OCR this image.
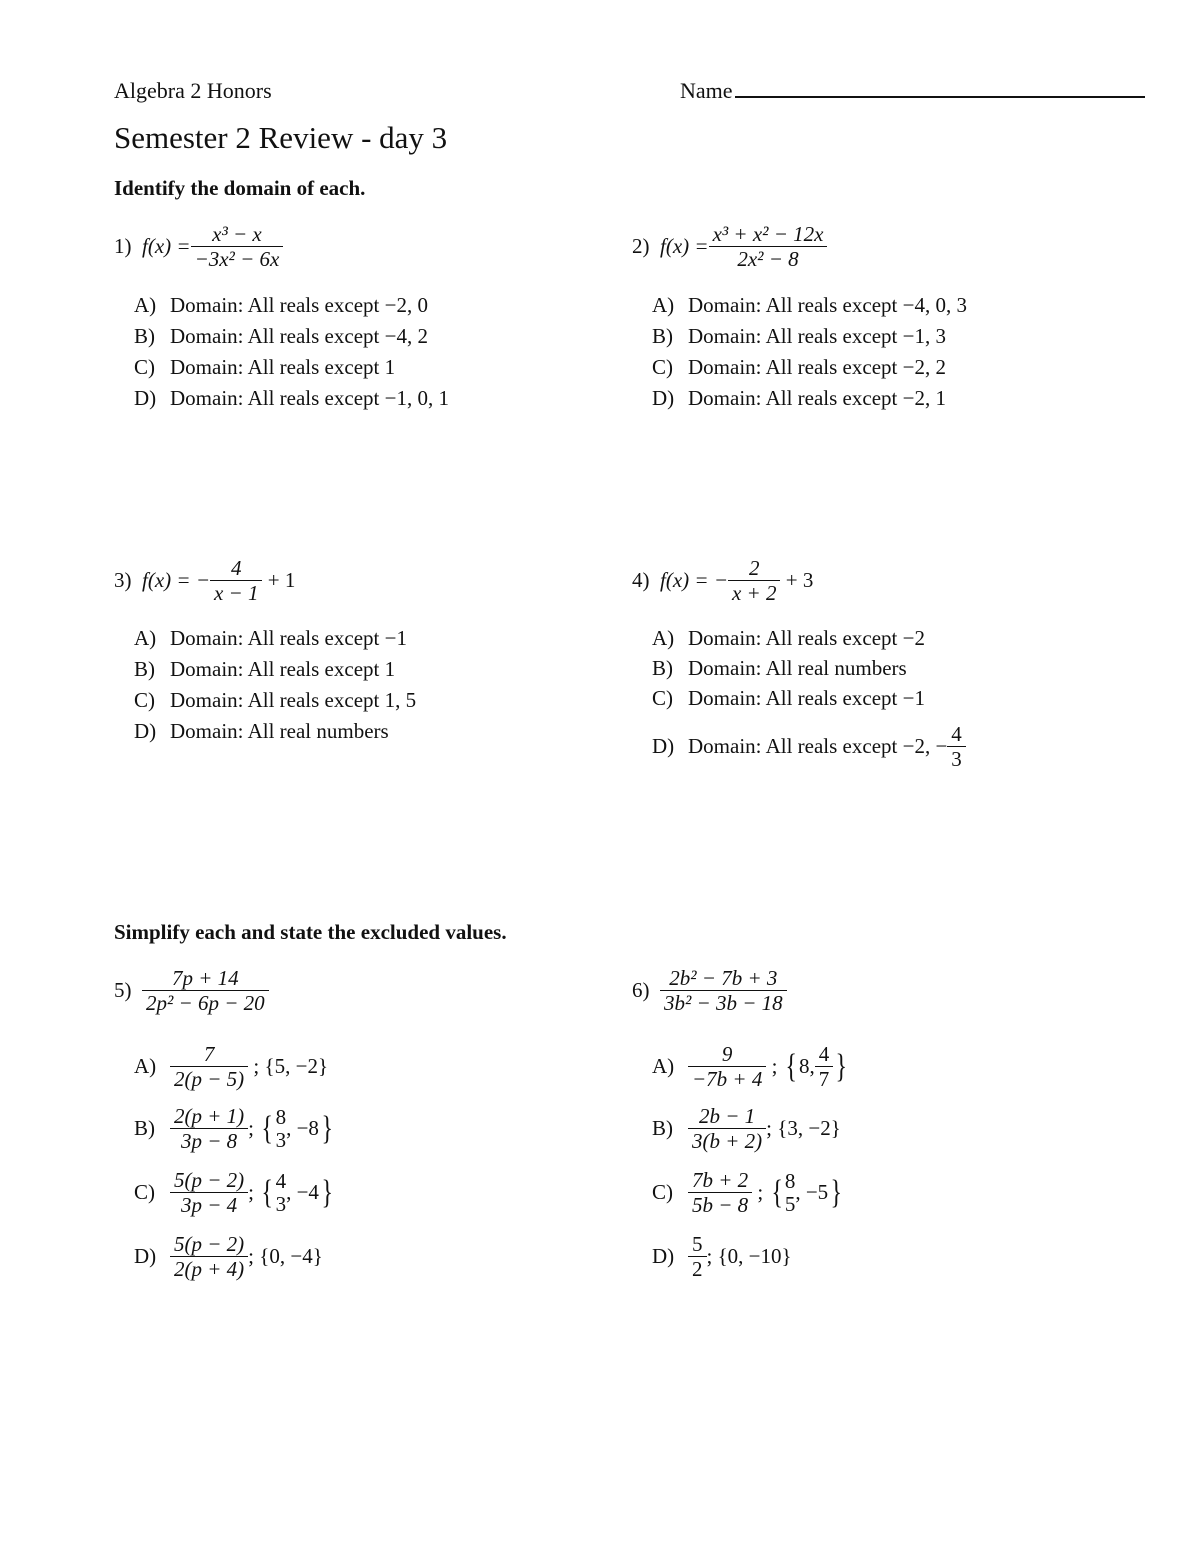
Algebra 2 Honors	Name
Semester 2 Review - day 3
Identify the domain of each.
1)
$f(x) = \frac{\text{x³ − x}}{\text{−3x² − 6x}}$
A) Domain: All reals except −2, 0
B) Domain: All reals except −4, 2
C) Domain: All reals except 1
D) Domain: All reals except −1, 0, 1
2)
$f(x) = \frac{\text{x³ + x² − 12x}}{\text{2x² − 8}}$
A) Domain: All reals except −4, 0, 3
B) Domain: All reals except −1, 3
C) Domain: All reals except −2, 2
D) Domain: All reals except −2, 1
3)
f(x) = − $\frac{4}{x - 1}$
+ 1
A) Domain: All reals except −1
B) Domain: All reals except 1
C) Domain: All reals except 1, 5
D) Domain: All real numbers
4)
f(x) = − $\frac{2}{x + 2}$
+ 3
A) Domain: All reals except −2
B) Domain: All real numbers
C) Domain: All reals except −1
D) Domain: All reals except −2, − $\frac{4}{3}$
Simplify each and state the excluded values.
5)
$\frac{7p + 14}{\text{2p² − 6p − 20}}$
$A) \frac{7}{2(p - 5)}$ ; {5, −2}
$B) \frac{2(p + 1)}{3p - 8}$ ; { 8
3 , −8 }
$C) \frac{5(p - 2)}{3p - 4}$ ; { 4
3 , −4 }
$D) \frac{5(p - 2)}{2(p + 4)}$ ; {0, −4}
6)
$\frac{\text{2b² − 7b + 3}}{\text{3b² − 3b − 18}}$
$A) \frac{9}{-7b + 4}$ ; { 8, $\frac{4}{7}$ }
$B) \frac{2b - 1}{3(b + 2)}$ ; {3, −2}
$C) \frac{7b + 2}{5b - 8}$ ; { 8
5 , −5 }
$D) \frac{5}{2}$ ; {0, −10}
